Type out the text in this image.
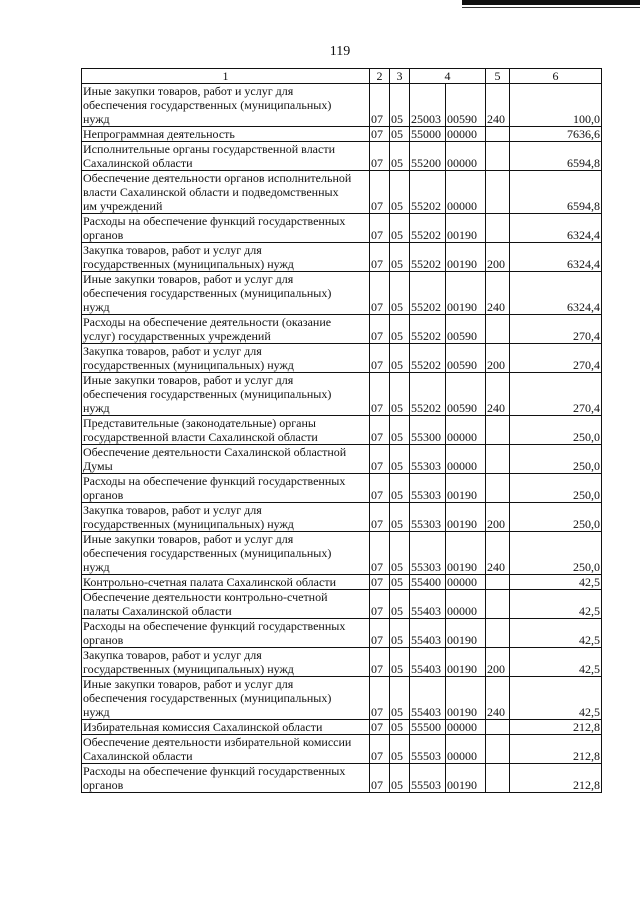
119
1	2	3	4		5	6
Иные закупки товаров, работ и услуг для
обеспечения государственных (муниципальных)
нужд	07	05	25003	00590	240	100,0
Непрограммная деятельность	07	05	55000	00000		7636,6
Исполнительные органы государственной власти
Сахалинской области	07	05	55200	00000		6594,8
Обеспечение деятельности органов исполнительной
власти Сахалинской области и подведомственных
им учреждений	07	05	55202	00000		6594,8
Расходы на обеспечение функций государственных
органов	07	05	55202	00190		6324,4
Закупка товаров, работ и услуг для
государственных (муниципальных) нужд	07	05	55202	00190	200	6324,4
Иные закупки товаров, работ и услуг для
обеспечения государственных (муниципальных)
нужд	07	05	55202	00190	240	6324,4
Расходы на обеспечение деятельности (оказание
услуг) государственных учреждений	07	05	55202	00590		270,4
Закупка товаров, работ и услуг для
государственных (муниципальных) нужд	07	05	55202	00590	200	270,4
Иные закупки товаров, работ и услуг для
обеспечения государственных (муниципальных)
нужд	07	05	55202	00590	240	270,4
Представительные (законодательные) органы
государственной власти Сахалинской области	07	05	55300	00000		250,0
Обеспечение деятельности Сахалинской областной
Думы	07	05	55303	00000		250,0
Расходы на обеспечение функций государственных
органов	07	05	55303	00190		250,0
Закупка товаров, работ и услуг для
государственных (муниципальных) нужд	07	05	55303	00190	200	250,0
Иные закупки товаров, работ и услуг для
обеспечения государственных (муниципальных)
нужд	07	05	55303	00190	240	250,0
Контрольно-счетная палата Сахалинской области	07	05	55400	00000		42,5
Обеспечение деятельности контрольно-счетной
палаты Сахалинской области	07	05	55403	00000		42,5
Расходы на обеспечение функций государственных
органов	07	05	55403	00190		42,5
Закупка товаров, работ и услуг для
государственных (муниципальных) нужд	07	05	55403	00190	200	42,5
Иные закупки товаров, работ и услуг для
обеспечения государственных (муниципальных)
нужд	07	05	55403	00190	240	42,5
Избирательная комиссия Сахалинской области	07	05	55500	00000		212,8
Обеспечение деятельности избирательной комиссии
Сахалинской области	07	05	55503	00000		212,8
Расходы на обеспечение функций государственных
органов	07	05	55503	00190		212,8
